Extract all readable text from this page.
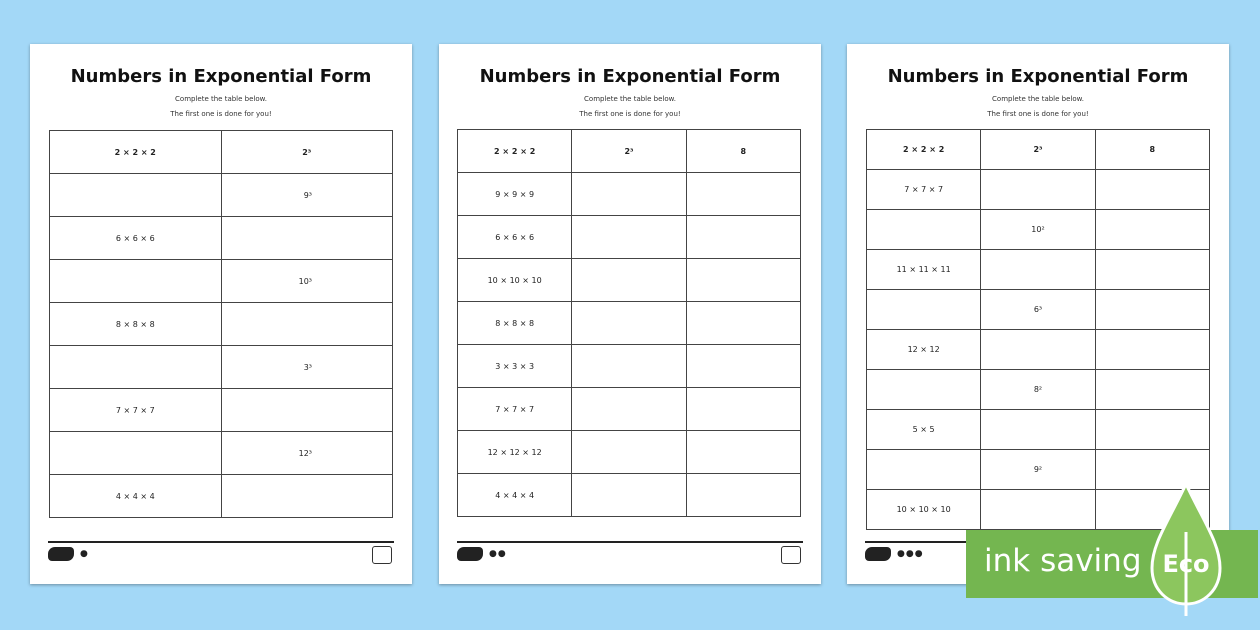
Numbers in Exponential Form
Complete the table below.
The first one is done for you!
2 × 2 × 2	2³
	9³
6 × 6 × 6	
	10³
8 × 8 × 8	
	3³
7 × 7 × 7	
	12³
4 × 4 × 4	
●
Numbers in Exponential Form
Complete the table below.
The first one is done for you!
2 × 2 × 2	2³	8
9 × 9 × 9		
6 × 6 × 6		
10 × 10 × 10		
8 × 8 × 8		
3 × 3 × 3		
7 × 7 × 7		
12 × 12 × 12		
4 × 4 × 4		
●●
Numbers in Exponential Form
Complete the table below.
The first one is done for you!
2 × 2 × 2	2³	8
7 × 7 × 7		
	10²	
11 × 11 × 11		
	6³	
12 × 12		
	8²	
5 × 5		
	9²	
10 × 10 × 10		
●●● ink saving Eco
